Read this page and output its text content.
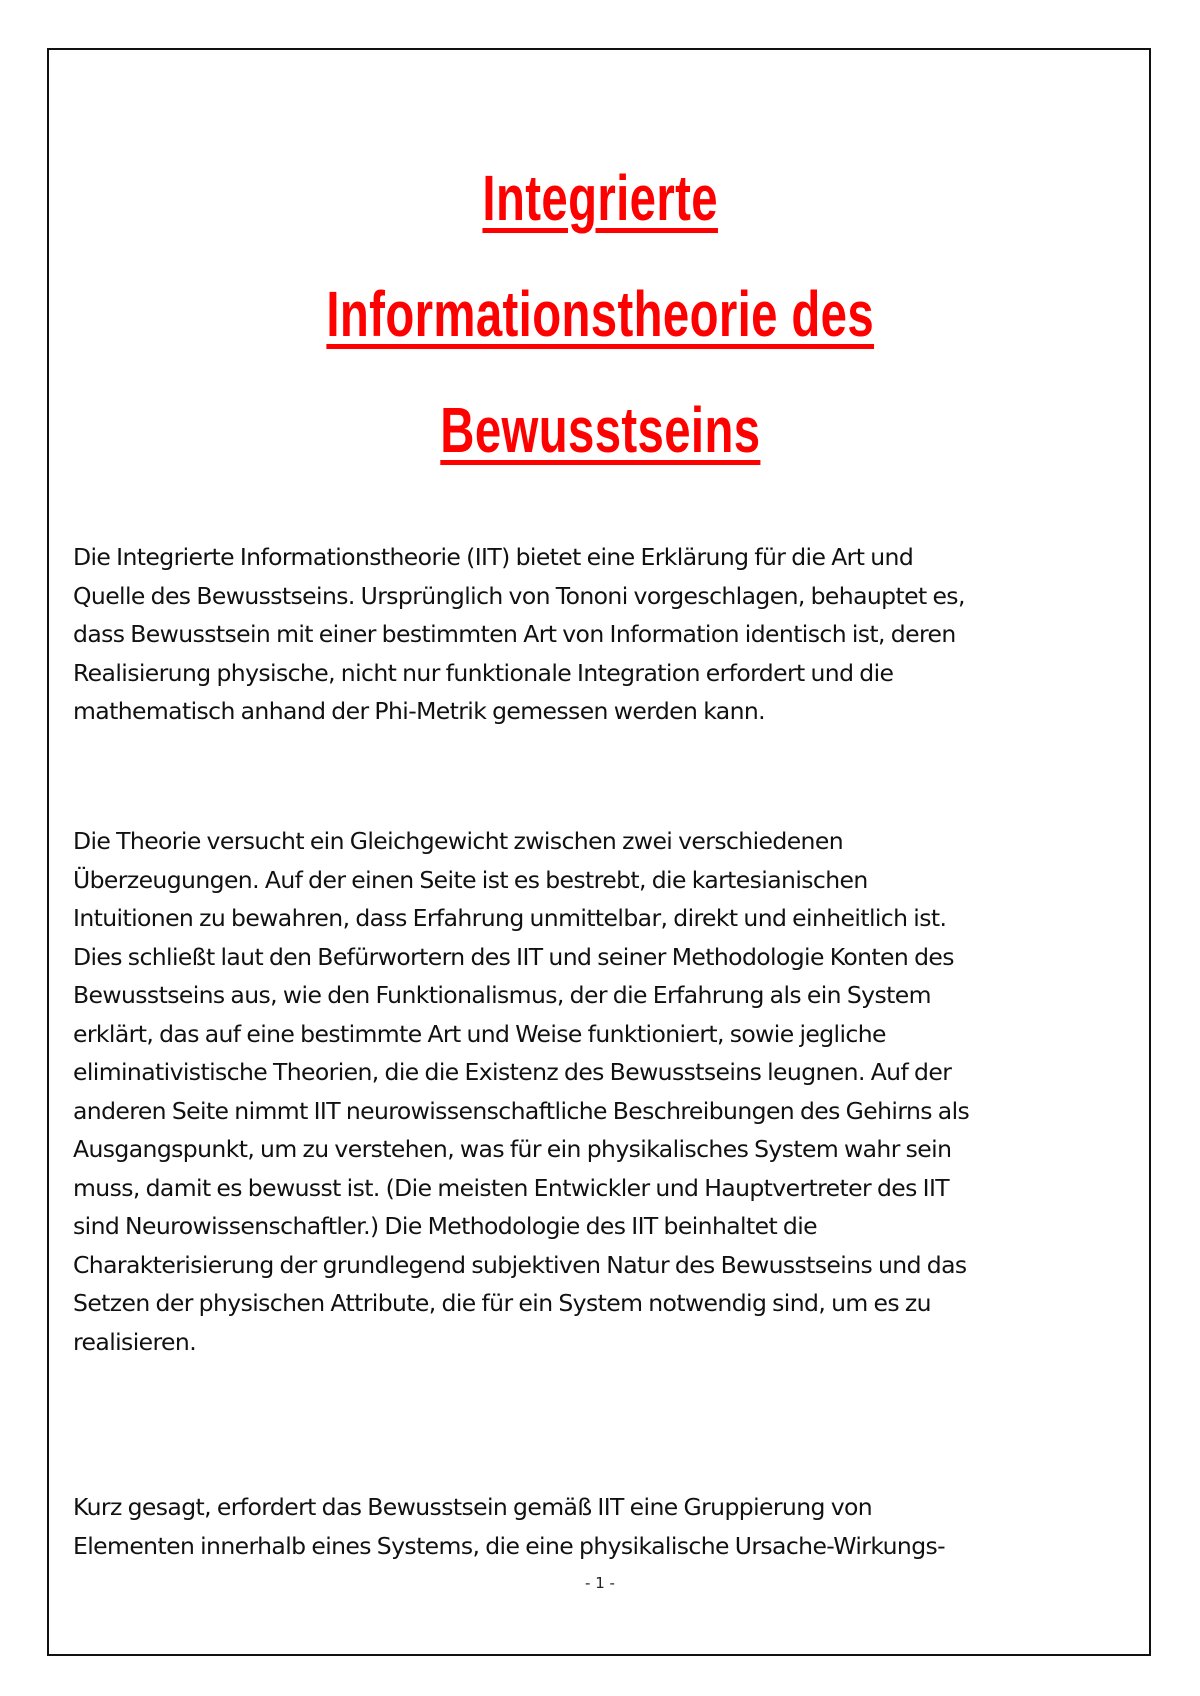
Integrierte
Informationstheorie des
Bewusstseins
Die Integrierte Informationstheorie (IIT) bietet eine Erklärung für die Art und
Quelle des Bewusstseins. Ursprünglich von Tononi vorgeschlagen, behauptet es,
dass Bewusstsein mit einer bestimmten Art von Information identisch ist, deren
Realisierung physische, nicht nur funktionale Integration erfordert und die
mathematisch anhand der Phi-Metrik gemessen werden kann.
Die Theorie versucht ein Gleichgewicht zwischen zwei verschiedenen
Überzeugungen. Auf der einen Seite ist es bestrebt, die kartesianischen
Intuitionen zu bewahren, dass Erfahrung unmittelbar, direkt und einheitlich ist.
Dies schließt laut den Befürwortern des IIT und seiner Methodologie Konten des
Bewusstseins aus, wie den Funktionalismus, der die Erfahrung als ein System
erklärt, das auf eine bestimmte Art und Weise funktioniert, sowie jegliche
eliminativistische Theorien, die die Existenz des Bewusstseins leugnen. Auf der
anderen Seite nimmt IIT neurowissenschaftliche Beschreibungen des Gehirns als
Ausgangspunkt, um zu verstehen, was für ein physikalisches System wahr sein
muss, damit es bewusst ist. (Die meisten Entwickler und Hauptvertreter des IIT
sind Neurowissenschaftler.) Die Methodologie des IIT beinhaltet die
Charakterisierung der grundlegend subjektiven Natur des Bewusstseins und das
Setzen der physischen Attribute, die für ein System notwendig sind, um es zu
realisieren.
Kurz gesagt, erfordert das Bewusstsein gemäß IIT eine Gruppierung von
Elementen innerhalb eines Systems, die eine physikalische Ursache-Wirkungs-
- 1 -
